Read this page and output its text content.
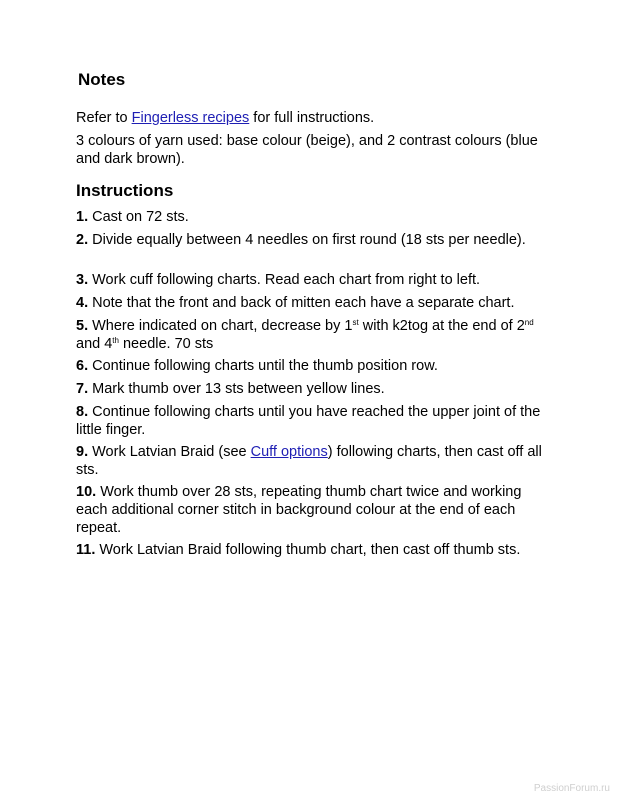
Notes
Refer to Fingerless recipes for full instructions.
3 colours of yarn used: base colour (beige), and 2 contrast colours (blue and dark brown).
Instructions
1. Cast on 72 sts.
2. Divide equally between 4 needles on first round (18 sts per needle).
3. Work cuff following charts. Read each chart from right to left.
4. Note that the front and back of mitten each have a separate chart.
5. Where indicated on chart, decrease by 1st with k2tog at the end of 2nd and 4th needle. 70 sts
6. Continue following charts until the thumb position row.
7. Mark thumb over 13 sts between yellow lines.
8. Continue following charts until you have reached the upper joint of the little finger.
9. Work Latvian Braid (see Cuff options) following charts, then cast off all sts.
10. Work thumb over 28 sts, repeating thumb chart twice and working each additional corner stitch in background colour at the end of each repeat.
11. Work Latvian Braid following thumb chart, then cast off thumb sts.
PassionForum.ru
